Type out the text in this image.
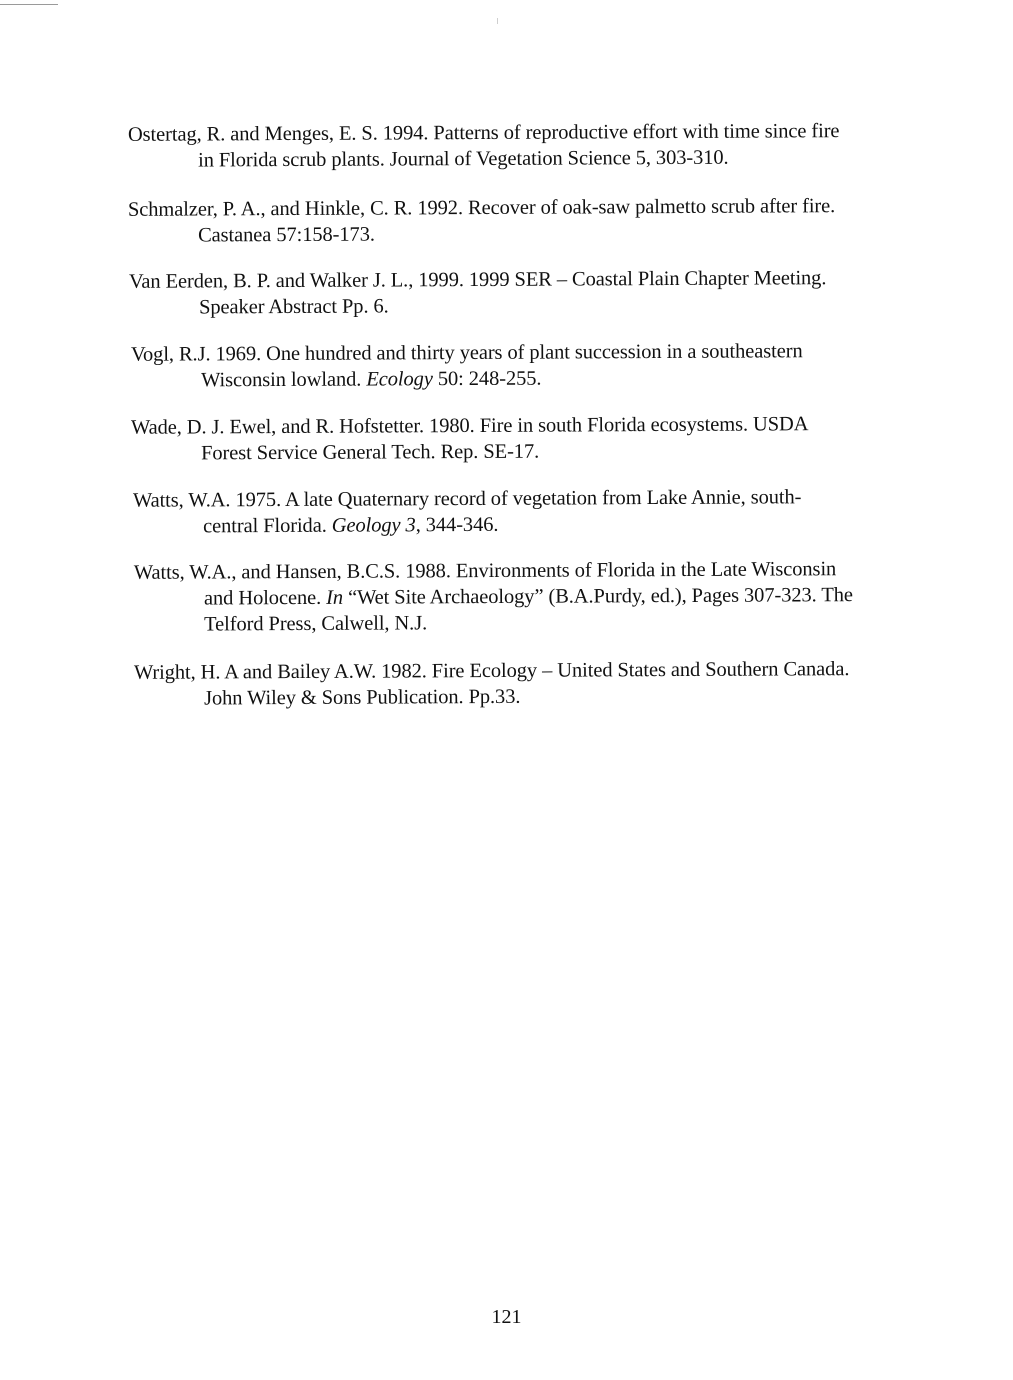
Ostertag, R. and Menges, E. S. 1994. Patterns of reproductive effort with time since fire
in Florida scrub plants. Journal of Vegetation Science 5, 303-310.
Schmalzer, P. A., and Hinkle, C. R. 1992. Recover of oak-saw palmetto scrub after fire.
Castanea 57:158-173.
Van Eerden, B. P. and Walker J. L., 1999. 1999 SER – Coastal Plain Chapter Meeting.
Speaker Abstract Pp. 6.
Vogl, R.J. 1969. One hundred and thirty years of plant succession in a southeastern
Wisconsin lowland. Ecology 50: 248-255.
Wade, D. J. Ewel, and R. Hofstetter. 1980. Fire in south Florida ecosystems. USDA
Forest Service General Tech. Rep. SE-17.
Watts, W.A. 1975. A late Quaternary record of vegetation from Lake Annie, south-
central Florida. Geology 3, 344-346.
Watts, W.A., and Hansen, B.C.S. 1988. Environments of Florida in the Late Wisconsin
and Holocene. In “Wet Site Archaeology” (B.A.Purdy, ed.), Pages 307-323. The
Telford Press, Calwell, N.J.
Wright, H. A and Bailey A.W. 1982. Fire Ecology – United States and Southern Canada.
John Wiley & Sons Publication. Pp.33.
121
